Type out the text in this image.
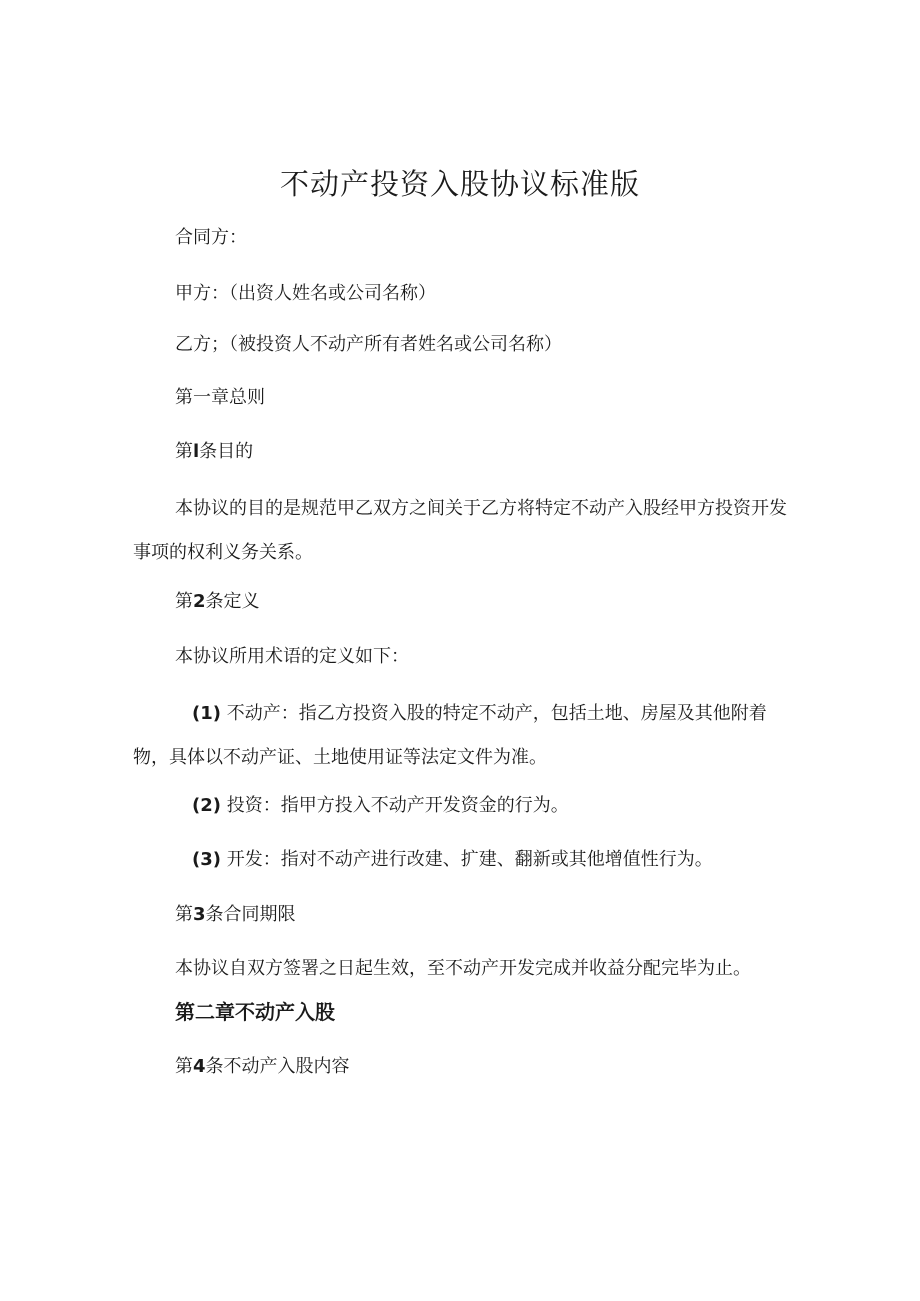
不动产投资入股协议标准版
合同方：
甲方：（出资人姓名或公司名称）
乙方；（被投资人不动产所有者姓名或公司名称）
第一章总则
第l条目的
本协议的目的是规范甲乙双方之间关于乙方将特定不动产入股经甲方投资开发事项的权利义务关系。
第2条定义
本协议所用术语的定义如下：
(1) 不动产：指乙方投资入股的特定不动产，包括土地、房屋及其他附着物，具体以不动产证、土地使用证等法定文件为准。
(2) 投资：指甲方投入不动产开发资金的行为。
(3) 开发：指对不动产进行改建、扩建、翻新或其他增值性行为。
第3条合同期限
本协议自双方签署之日起生效，至不动产开发完成并收益分配完毕为止。
第二章不动产入股
第4条不动产入股内容
